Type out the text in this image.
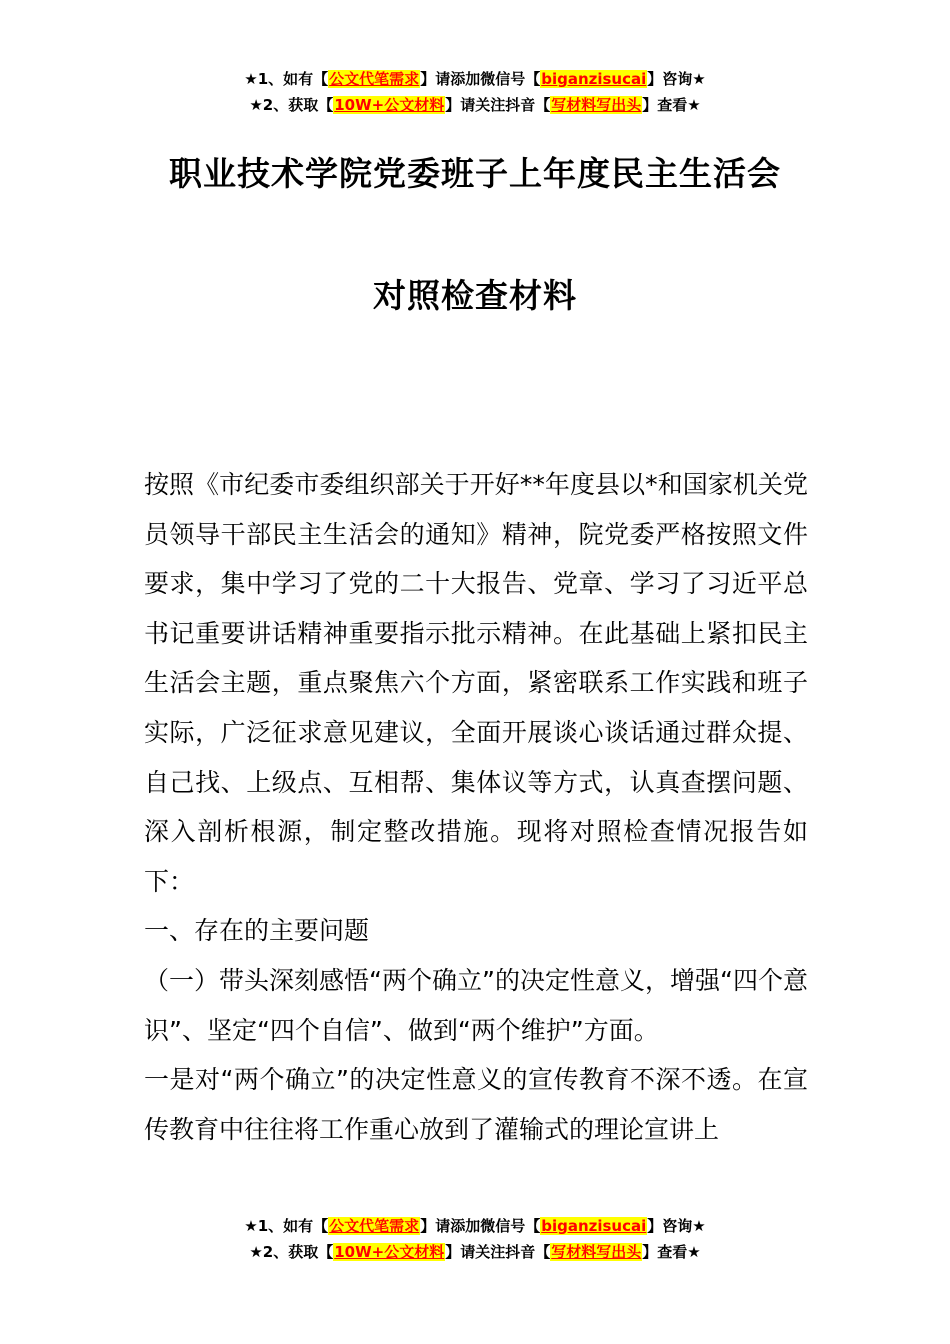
★1、如有【公文代笔需求】请添加微信号【biganzisucai】咨询★
★2、获取【10W+公文材料】请关注抖音【写材料写出头】查看★
职业技术学院党委班子上年度民主生活会
对照检查材料

按照《市纪委市委组织部关于开好**年度县以*和国家机关党员领导干部民主生活会的通知》精神，院党委严格按照文件要求，集中学习了党的二十大报告、党章、学习了习近平总书记重要讲话精神重要指示批示精神。在此基础上紧扣民主生活会主题，重点聚焦六个方面，紧密联系工作实践和班子实际，广泛征求意见建议，全面开展谈心谈话通过群众提、自己找、上级点、互相帮、集体议等方式，认真查摆问题、深入剖析根源，制定整改措施。现将对照检查情况报告如下：

一、存在的主要问题

（一）带头深刻感悟“两个确立”的决定性意义，增强“四个意识”、坚定“四个自信”、做到“两个维护”方面。

一是对“两个确立”的决定性意义的宣传教育不深不透。在宣传教育中往往将工作重心放到了灌输式的理论宣讲上

★1、如有【公文代笔需求】请添加微信号【biganzisucai】咨询★
★2、获取【10W+公文材料】请关注抖音【写材料写出头】查看★
